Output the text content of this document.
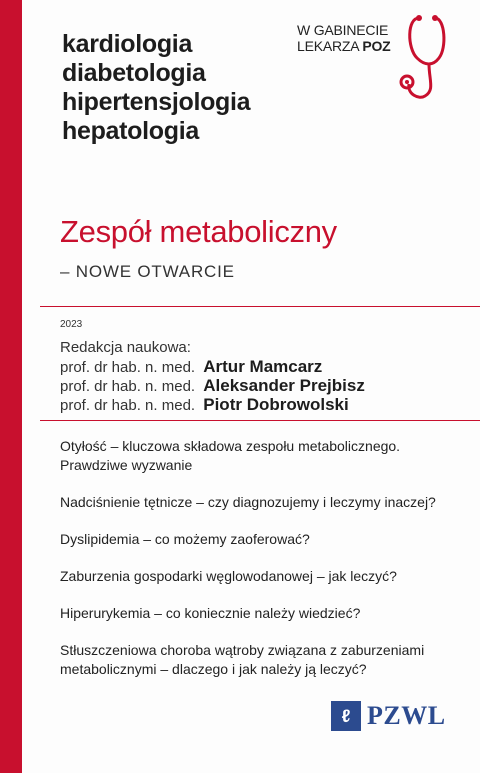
kardiologia
diabetologia
hipertensjologia
hepatologia
W GABINECIE
LEKARZA POZ
Zespół metaboliczny
– NOWE OTWARCIE
2023
Redakcja naukowa:
prof. dr hab. n. med. Artur Mamcarz
prof. dr hab. n. med. Aleksander Prejbisz
prof. dr hab. n. med. Piotr Dobrowolski
Otyłość – kluczowa składowa zespołu metabolicznego. Prawdziwe wyzwanie
Nadciśnienie tętnicze – czy diagnozujemy i leczymy inaczej?
Dyslipidemia – co możemy zaoferować?
Zaburzenia gospodarki węglowodanowej – jak leczyć?
Hiperurykemia – co koniecznie należy wiedzieć?
Stłuszczeniowa choroba wątroby związana z zaburzeniami metabolicznymi – dlaczego i jak należy ją leczyć?
ℓ PZWL
